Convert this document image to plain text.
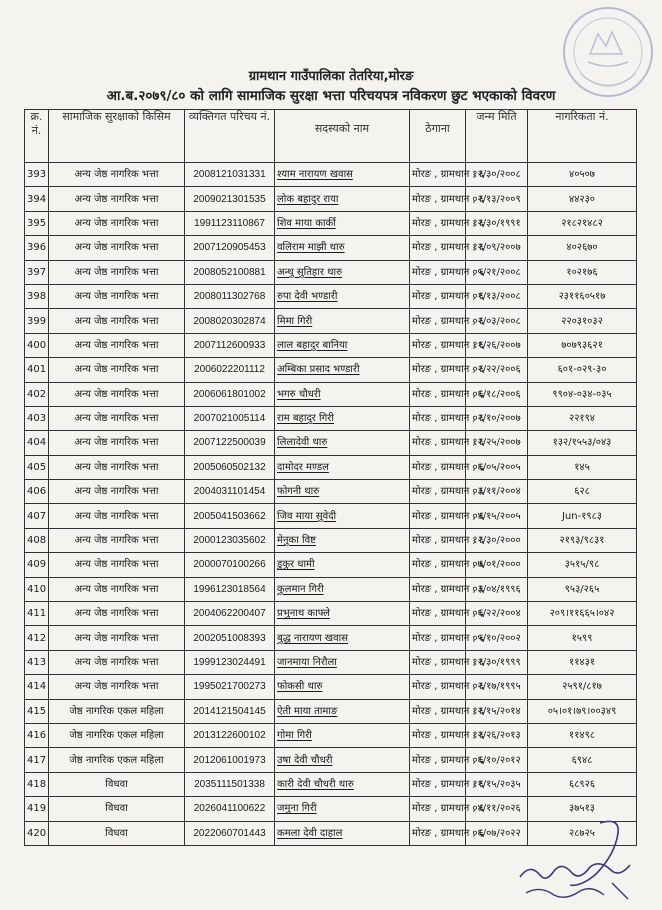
ग्रामथान गाउँपालिका तेतरिया,मोरङ
आ.ब.२०७९/८० को लागि सामाजिक सुरक्षा भत्ता परिचयपत्र नविकरण छुट भएकाको विवरण
क्र. नं.	सामाजिक सुरक्षाको किसिम	व्यक्तिगत परिचय नं.	सदस्यको नाम	ठेगाना	जन्म मिति	नागरिकता नं.
393	अन्य जेष्ठ नागरिक भत्ता	2008121031331	श्याम नारायण खवास	मोरङ , ग्रामथान , ६	१२/३०/२००८	४०५०७
394	अन्य जेष्ठ नागरिक भत्ता	2009021301535	लोक बहादुर राया	मोरङ , ग्रामथान , ६	०२/१३/२००९	४४२३०
395	अन्य जेष्ठ नागरिक भत्ता	1991123110867	शिव माया कार्की	मोरङ , ग्रामथान , ६	१२/३०/१९९१	२१८२१४८२
396	अन्य जेष्ठ नागरिक भत्ता	2007120905453	वलिराम माझी थारु	मोरङ , ग्रामथान , ६	१२/०९/२००७	४०२६७०
397	अन्य जेष्ठ नागरिक भत्ता	2008052100881	अन्थु सुतिहार थारु	मोरङ , ग्रामथान , ६	०५/२१/२००८	१०२१७६
398	अन्य जेष्ठ नागरिक भत्ता	2008011302768	रुपा देवी भण्डारी	मोरङ , ग्रामथान , ६	०१/१३/२००८	२३११६०५१७
399	अन्य जेष्ठ नागरिक भत्ता	2008020302874	मिमा गिरी	मोरङ , ग्रामथान , ६	०२/०३/२००८	२२०३१०३२
400	अन्य जेष्ठ नागरिक भत्ता	2007112600933	लाल बहादुर बानिया	मोरङ , ग्रामथान , ६	११/२६/२००७	७०७९३६२१
401	अन्य जेष्ठ नागरिक भत्ता	2006022201112	अम्बिका प्रसाद भण्डारी	मोरङ , ग्रामथान , ६	०२/२२/२००६	६०१-०२९-३०
402	अन्य जेष्ठ नागरिक भत्ता	2006061801002	भगरु चौधरी	मोरङ , ग्रामथान , ६	०६/१८/२००६	९९०४-०३४-०३५
403	अन्य जेष्ठ नागरिक भत्ता	2007021005114	राम बहादुर गिरी	मोरङ , ग्रामथान , ६	०२/१०/२००७	२२१९४
404	अन्य जेष्ठ नागरिक भत्ता	2007122500039	लिलादेवी थारु	मोरङ , ग्रामथान , ६	१२/२५/२००७	१३२/१५५३/०४३
405	अन्य जेष्ठ नागरिक भत्ता	2005060502132	दामोदर मण्डल	मोरङ , ग्रामथान , ६	०६/०५/२००५	१४५
406	अन्य जेष्ठ नागरिक भत्ता	2004031101454	फोगनी थारु	मोरङ , ग्रामथान , ६	०३/११/२००४	६२८
407	अन्य जेष्ठ नागरिक भत्ता	2005041503662	जिव माया सुवेदी	मोरङ , ग्रामथान , ६	०४/१५/२००५	Jun-१९८३
408	अन्य जेष्ठ नागरिक भत्ता	2000123035602	मेनुका विष्ट	मोरङ , ग्रामथान , ६	१२/३०/२०००	२१९३/९८३१
409	अन्य जेष्ठ नागरिक भत्ता	2000070100266	डुकुर धामी	मोरङ , ग्रामथान , ६	०७/०१/२०००	३५१५/९८
410	अन्य जेष्ठ नागरिक भत्ता	1996123018564	कुलमान गिरी	मोरङ , ग्रामथान , ६	०३/०४/१९९६	९५३/२६५
411	अन्य जेष्ठ नागरिक भत्ता	2004062200407	प्रभुनाथ काफ्ले	मोरङ , ग्रामथान , ६	०६/२२/२००४	२०९।११६६५।०४२
412	अन्य जेष्ठ नागरिक भत्ता	2002051008393	बुद्ध नारायण खवास	मोरङ , ग्रामथान , ६	०५/१०/२००२	१५९९
413	अन्य जेष्ठ नागरिक भत्ता	1999123024491	जानमाया निरौला	मोरङ , ग्रामथान , ६	१२/३०/१९९९	११४३१
414	अन्य जेष्ठ नागरिक भत्ता	1995021700273	फोकसी थारु	मोरङ , ग्रामथान , ६	०२/१७/१९९५	२५९१/८१७
415	जेष्ठ नागरिक एकल महिला	2014121504145	ऐती माया तामाङ	मोरङ , ग्रामथान , ६	१२/१५/२०१४	०५।०१।७९।००३४९
416	जेष्ठ नागरिक एकल महिला	2013122600102	गोमा गिरी	मोरङ , ग्रामथान , ६	१२/२६/२०१३	११४९८
417	जेष्ठ नागरिक एकल महिला	2012061001973	उषा देवी चौधरी	मोरङ , ग्रामथान , ६	०६/१०/२०१२	६९४८
418	विधवा	2035111501338	कारी देवी चौधरी थारु	मोरङ , ग्रामथान , ६	११/१५/२०३५	६८९२६
419	विधवा	2026041100622	जमुना गिरी	मोरङ , ग्रामथान , ६	०४/११/२०२६	३७५१३
420	विधवा	2022060701443	कमला देवी दाहाल	मोरङ , ग्रामथान , ६	०६/०७/२०२२	२८७२५
